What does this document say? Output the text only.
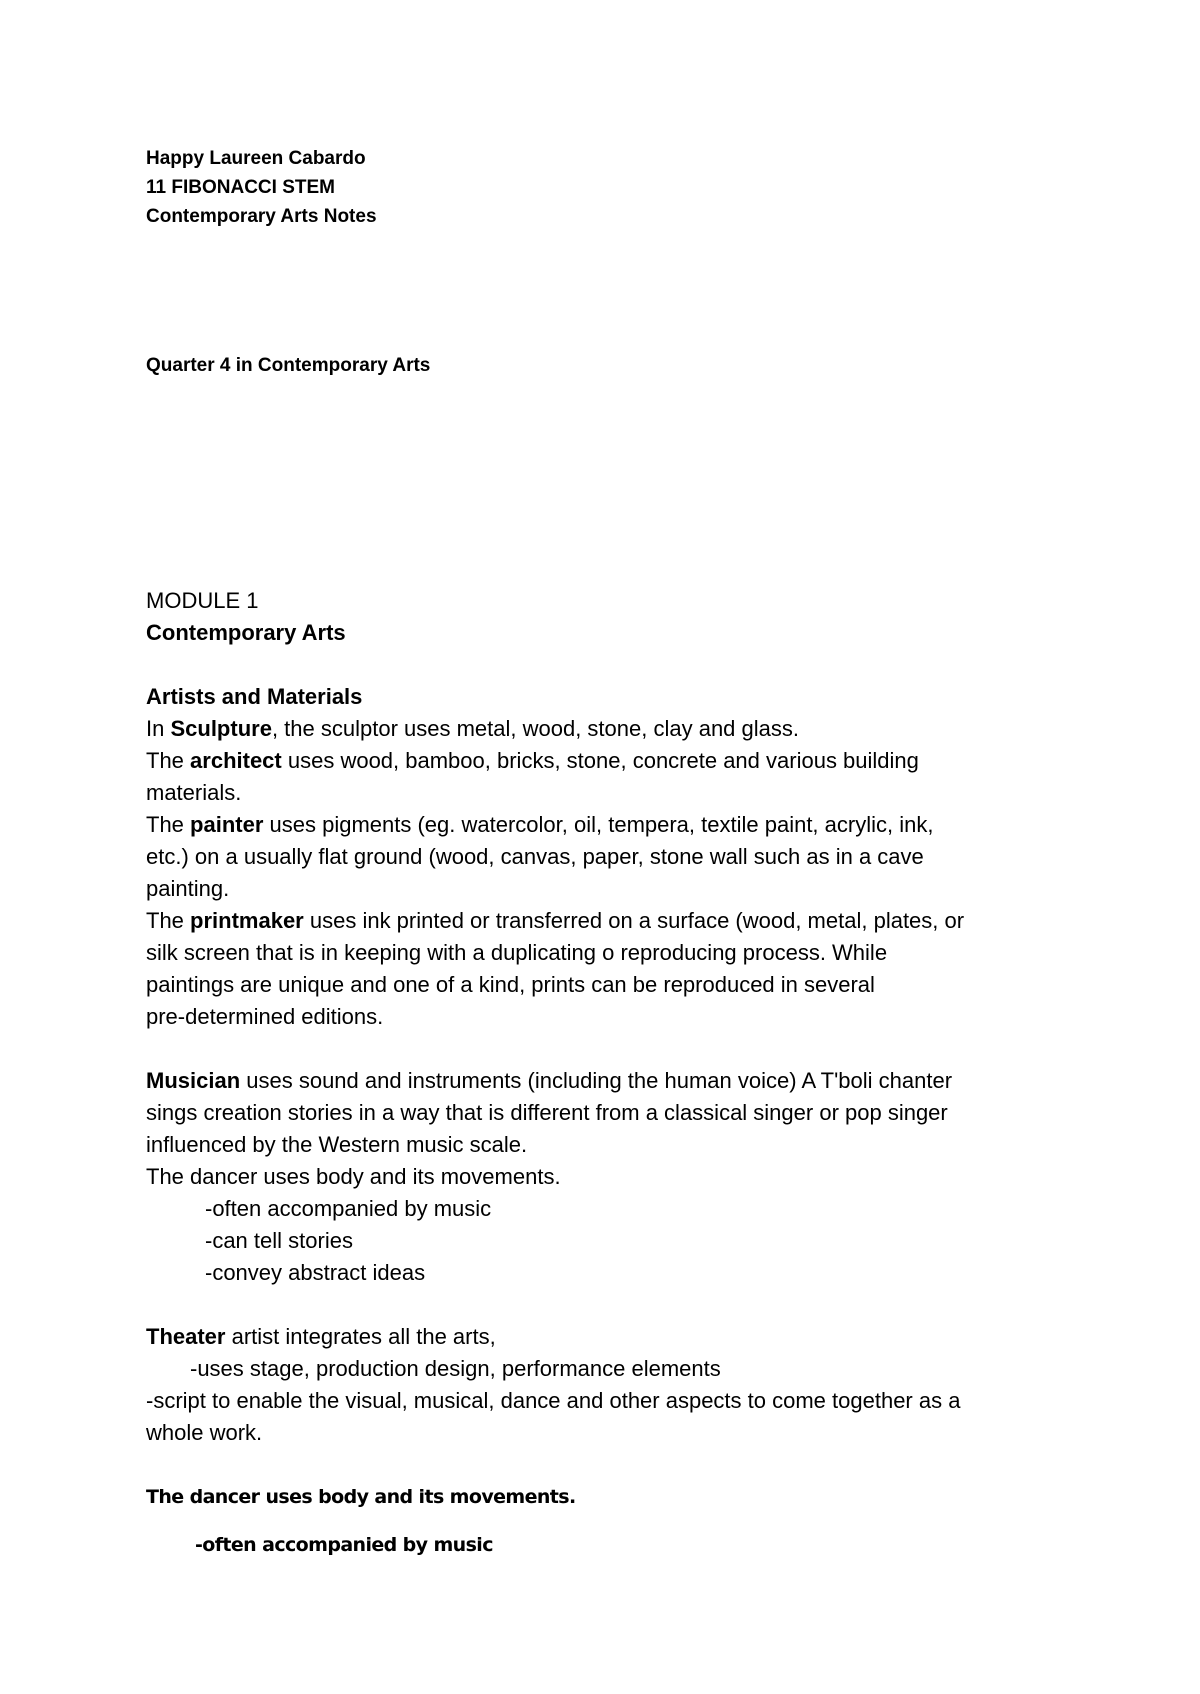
Happy Laureen Cabardo

11 FIBONACCI STEM

Contemporary Arts Notes

Quarter 4 in Contemporary Arts

MODULE 1

Contemporary Arts

Artists and Materials

In Sculpture, the sculptor uses metal, wood, stone, clay and glass.

The architect uses wood, bamboo, bricks, stone, concrete and various building

materials.

The painter uses pigments (eg. watercolor, oil, tempera, textile paint, acrylic, ink,

etc.) on a usually flat ground (wood, canvas, paper, stone wall such as in a cave

painting.

The printmaker uses ink printed or transferred on a surface (wood, metal, plates, or

silk screen that is in keeping with a duplicating o reproducing process. While

paintings are unique and one of a kind, prints can be reproduced in several

pre-determined editions.

Musician uses sound and instruments (including the human voice) A T'boli chanter

sings creation stories in a way that is different from a classical singer or pop singer

influenced by the Western music scale.

The dancer uses body and its movements.

-often accompanied by music

-can tell stories

-convey abstract ideas

Theater artist integrates all the arts,

-uses stage, production design, performance elements

-script to enable the visual, musical, dance and other aspects to come together as a

whole work.

The dancer uses body and its movements.

-often accompanied by music
